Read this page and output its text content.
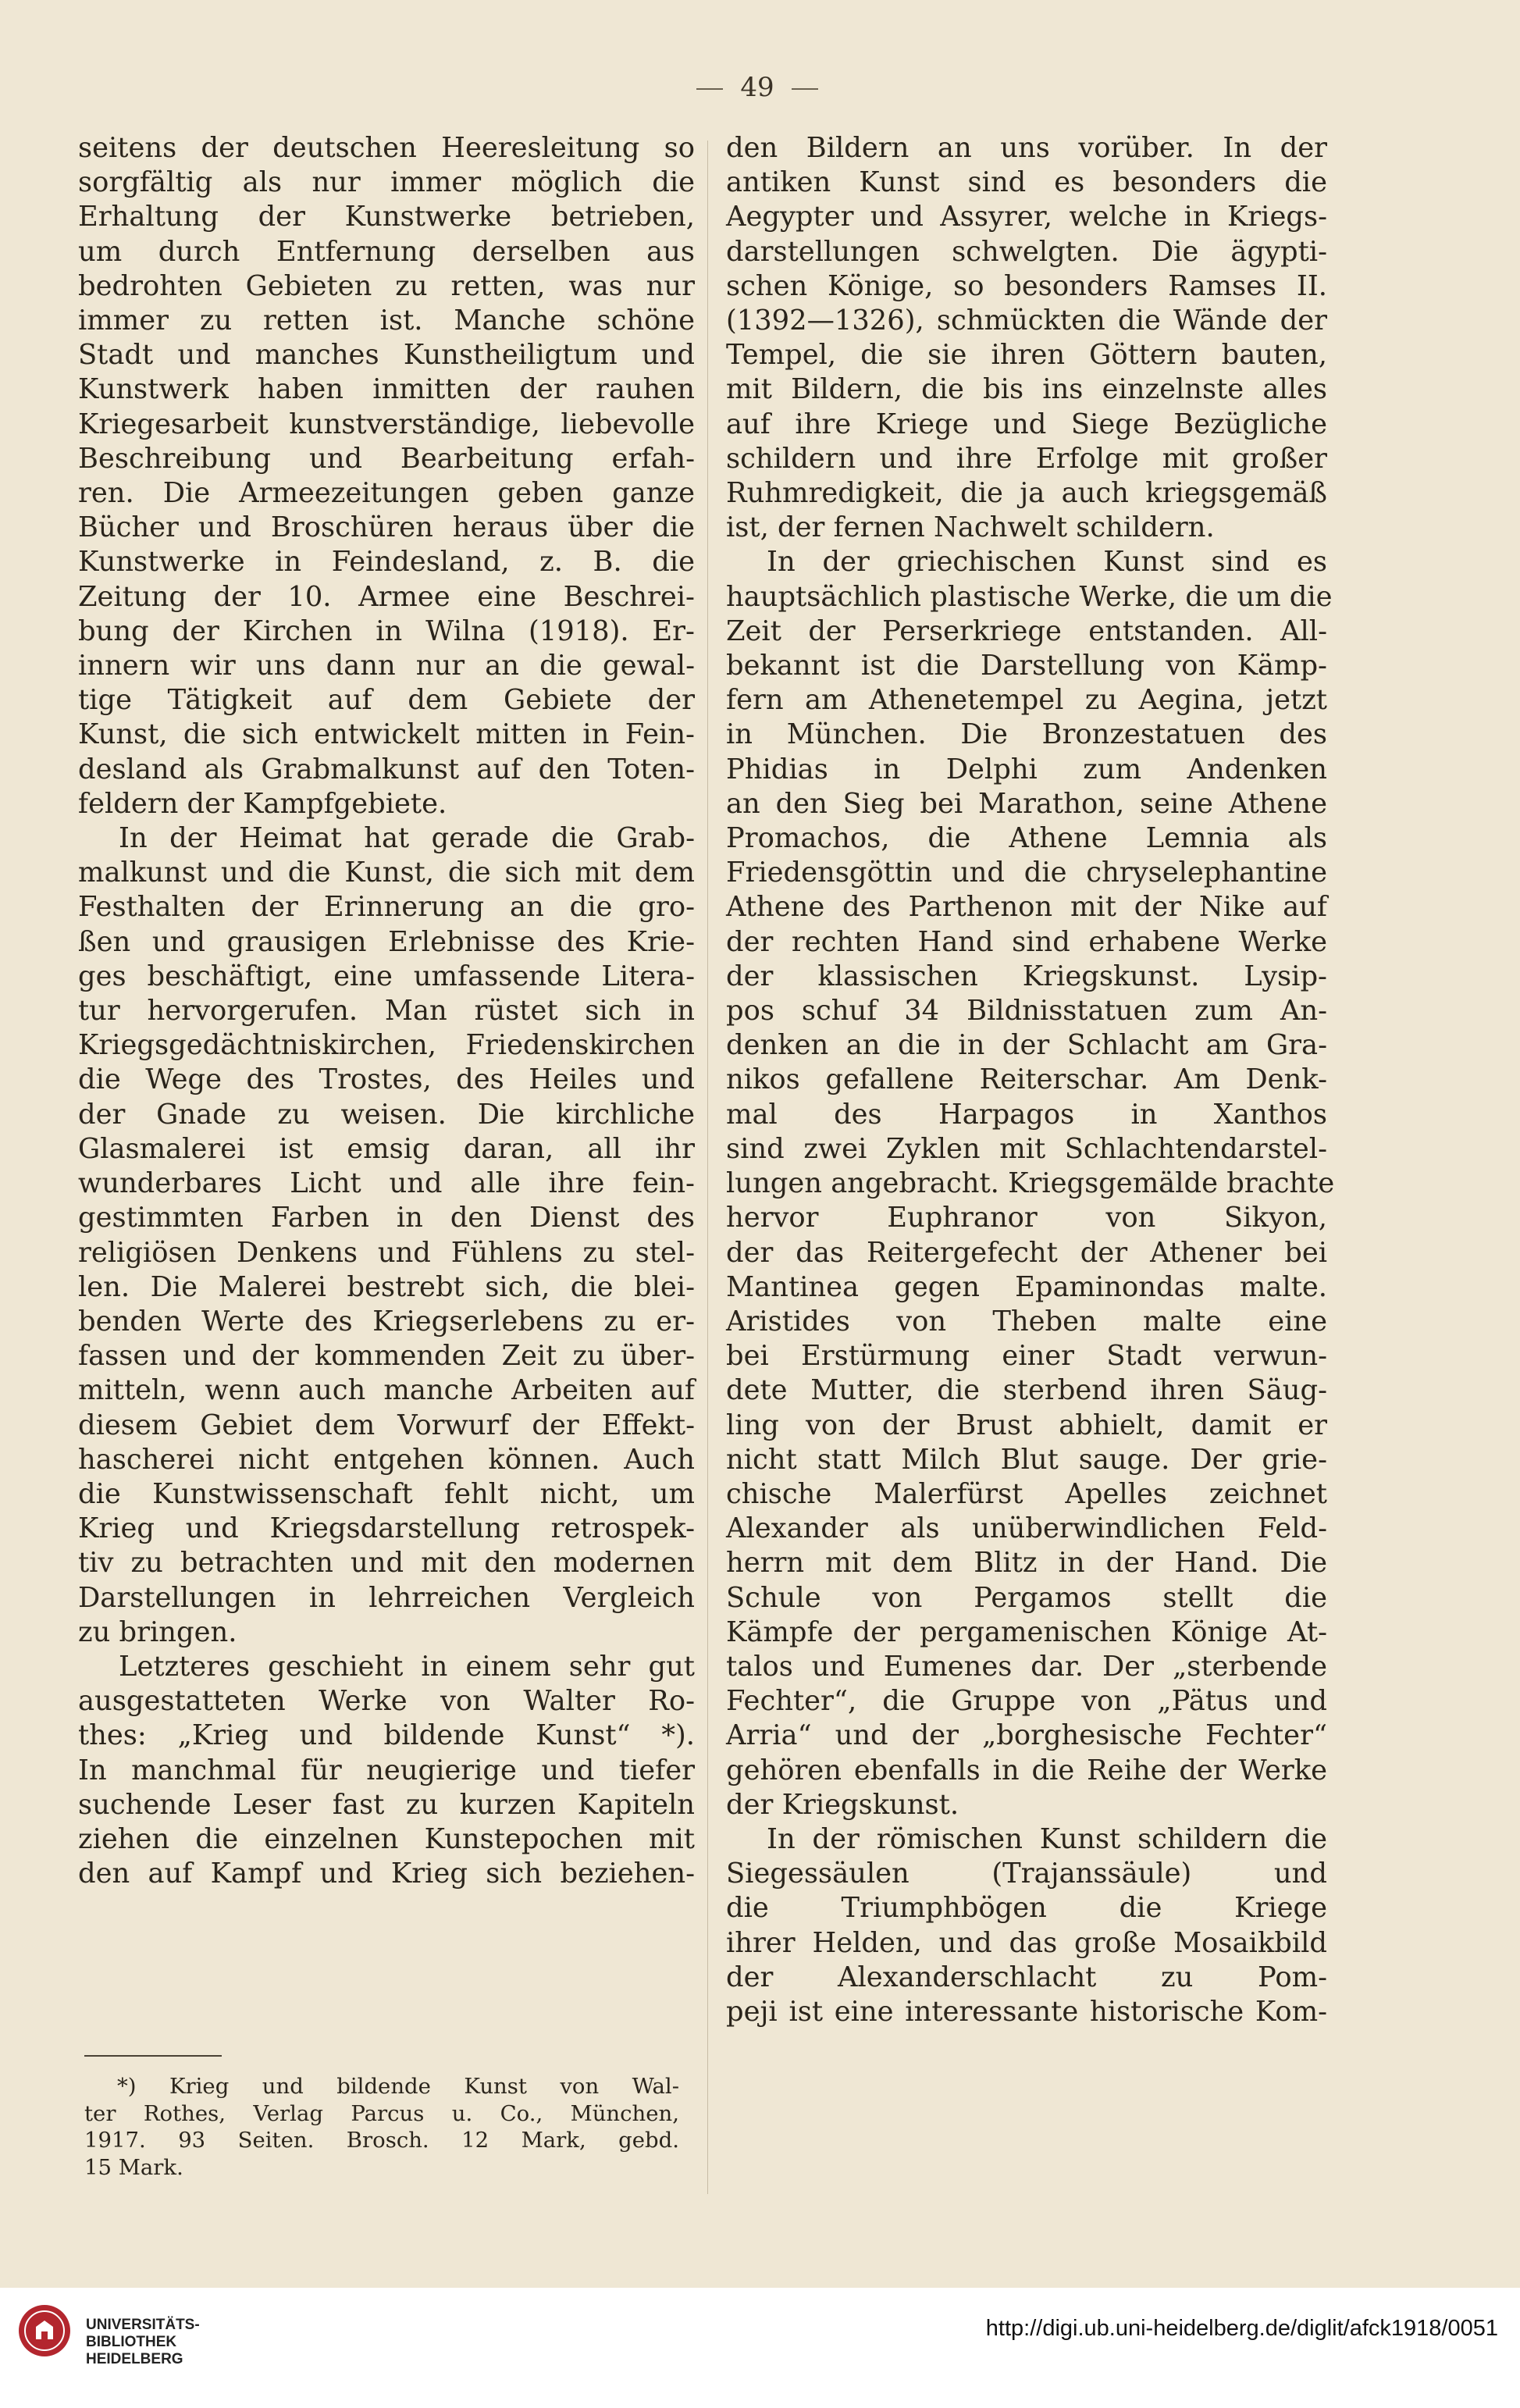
49
seitens der deutschen Heeresleitung so
sorgfältig als nur immer möglich die
Erhaltung der Kunstwerke betrieben,
um durch Entfernung derselben aus
bedrohten Gebieten zu retten, was nur
immer zu retten ist. Manche schöne
Stadt und manches Kunstheiligtum und
Kunstwerk haben inmitten der rauhen
Kriegesarbeit kunstverständige, liebevolle
Beschreibung und Bearbeitung erfah-
ren. Die Armeezeitungen geben ganze
Bücher und Broschüren heraus über die
Kunstwerke in Feindesland, z. B. die
Zeitung der 10. Armee eine Beschrei-
bung der Kirchen in Wilna (1918). Er-
innern wir uns dann nur an die gewal-
tige Tätigkeit auf dem Gebiete der
Kunst, die sich entwickelt mitten in Fein-
desland als Grabmalkunst auf den Toten-
feldern der Kampfgebiete.
In der Heimat hat gerade die Grab-
malkunst und die Kunst, die sich mit dem
Festhalten der Erinnerung an die gro-
ßen und grausigen Erlebnisse des Krie-
ges beschäftigt, eine umfassende Litera-
tur hervorgerufen. Man rüstet sich in
Kriegsgedächtniskirchen, Friedenskirchen
die Wege des Trostes, des Heiles und
der Gnade zu weisen. Die kirchliche
Glasmalerei ist emsig daran, all ihr
wunderbares Licht und alle ihre fein-
gestimmten Farben in den Dienst des
religiösen Denkens und Fühlens zu stel-
len. Die Malerei bestrebt sich, die blei-
benden Werte des Kriegserlebens zu er-
fassen und der kommenden Zeit zu über-
mitteln, wenn auch manche Arbeiten auf
diesem Gebiet dem Vorwurf der Effekt-
hascherei nicht entgehen können. Auch
die Kunstwissenschaft fehlt nicht, um
Krieg und Kriegsdarstellung retrospek-
tiv zu betrachten und mit den modernen
Darstellungen in lehrreichen Vergleich
zu bringen.
Letzteres geschieht in einem sehr gut
ausgestatteten Werke von Walter Ro-
thes: „Krieg und bildende Kunst“ *).
In manchmal für neugierige und tiefer
suchende Leser fast zu kurzen Kapiteln
ziehen die einzelnen Kunstepochen mit
den auf Kampf und Krieg sich beziehen-
den Bildern an uns vorüber. In der
antiken Kunst sind es besonders die
Aegypter und Assyrer, welche in Kriegs-
darstellungen schwelgten. Die ägypti-
schen Könige, so besonders Ramses II.
(1392—1326), schmückten die Wände der
Tempel, die sie ihren Göttern bauten,
mit Bildern, die bis ins einzelnste alles
auf ihre Kriege und Siege Bezügliche
schildern und ihre Erfolge mit großer
Ruhmredigkeit, die ja auch kriegsgemäß
ist, der fernen Nachwelt schildern.
In der griechischen Kunst sind es
hauptsächlich plastische Werke, die um die
Zeit der Perserkriege entstanden. All-
bekannt ist die Darstellung von Kämp-
fern am Athenetempel zu Aegina, jetzt
in München. Die Bronzestatuen des
Phidias in Delphi zum Andenken
an den Sieg bei Marathon, seine Athene
Promachos, die Athene Lemnia als
Friedensgöttin und die chryselephantine
Athene des Parthenon mit der Nike auf
der rechten Hand sind erhabene Werke
der klassischen Kriegskunst. Lysip-
pos schuf 34 Bildnisstatuen zum An-
denken an die in der Schlacht am Gra-
nikos gefallene Reiterschar. Am Denk-
mal des Harpagos in Xanthos
sind zwei Zyklen mit Schlachtendarstel-
lungen angebracht. Kriegsgemälde brachte
hervor Euphranor von Sikyon,
der das Reitergefecht der Athener bei
Mantinea gegen Epaminondas malte.
Aristides von Theben malte eine
bei Erstürmung einer Stadt verwun-
dete Mutter, die sterbend ihren Säug-
ling von der Brust abhielt, damit er
nicht statt Milch Blut sauge. Der grie-
chische Malerfürst Apelles zeichnet
Alexander als unüberwindlichen Feld-
herrn mit dem Blitz in der Hand. Die
Schule von Pergamos stellt die
Kämpfe der pergamenischen Könige At-
talos und Eumenes dar. Der „sterbende
Fechter“, die Gruppe von „Pätus und
Arria“ und der „borghesische Fechter“
gehören ebenfalls in die Reihe der Werke
der Kriegskunst.
In der römischen Kunst schildern die
Siegessäulen (Trajanssäule) und
die Triumphbögen die Kriege
ihrer Helden, und das große Mosaikbild
der Alexanderschlacht zu Pom-
peji ist eine interessante historische Kom-
*) Krieg und bildende Kunst von Wal-
ter Rothes, Verlag Parcus u. Co., München,
1917. 93 Seiten. Brosch. 12 Mark, gebd.
15 Mark.
UNIVERSITÄTS-
BIBLIOTHEK
HEIDELBERG
http://digi.ub.uni-heidelberg.de/diglit/afck1918/0051
